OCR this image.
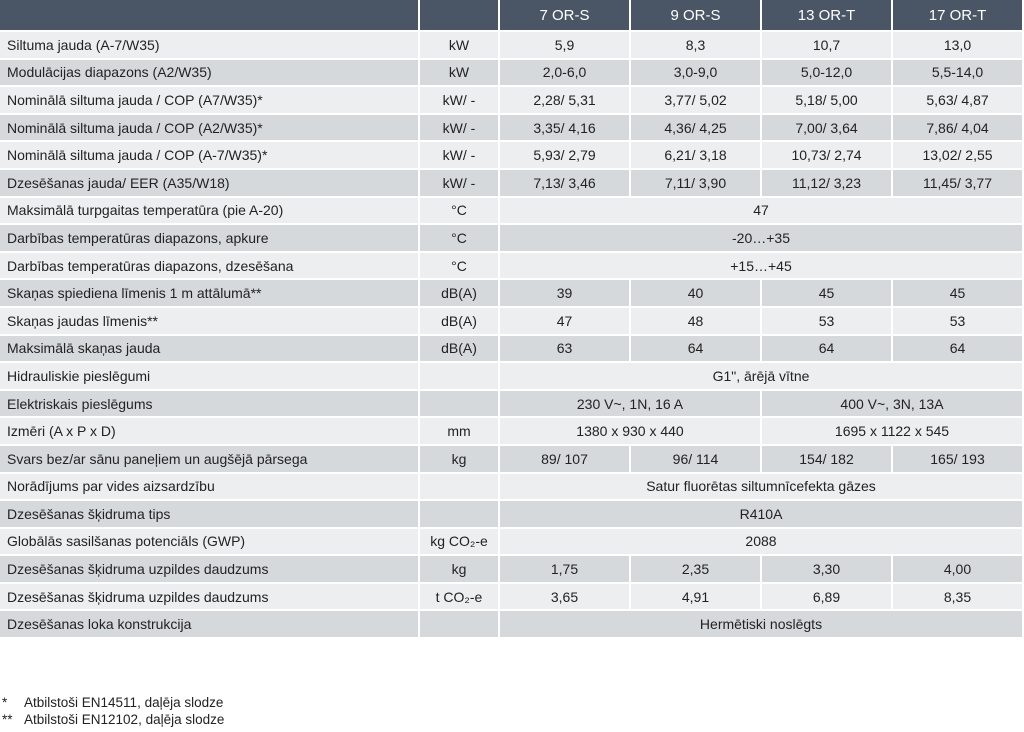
		7 OR-S	9 OR-S	13 OR-T	17 OR-T
Siltuma jauda (A-7/W35)	kW	5,9	8,3	10,7	13,0
Modulācijas diapazons (A2/W35)	kW	2,0-6,0	3,0-9,0	5,0-12,0	5,5-14,0
Nominālā siltuma jauda / COP (A7/W35)*	kW/ -	2,28/ 5,31	3,77/ 5,02	5,18/ 5,00	5,63/ 4,87
Nominālā siltuma jauda / COP (A2/W35)*	kW/ -	3,35/ 4,16	4,36/ 4,25	7,00/ 3,64	7,86/ 4,04
Nominālā siltuma jauda / COP (A-7/W35)*	kW/ -	5,93/ 2,79	6,21/ 3,18	10,73/ 2,74	13,02/ 2,55
Dzesēšanas jauda/ EER (A35/W18)	kW/ -	7,13/ 3,46	7,11/ 3,90	11,12/ 3,23	11,45/ 3,77
Maksimālā turpgaitas temperatūra (pie A-20)	°C	47			
Darbības temperatūras diapazons, apkure	°C	-20…+35			
Darbības temperatūras diapazons, dzesēšana	°C	+15…+45			
Skaņas spiediena līmenis 1 m attālumā**	dB(A)	39	40	45	45
Skaņas jaudas līmenis**	dB(A)	47	48	53	53
Maksimālā skaņas jauda	dB(A)	63	64	64	64
Hidrauliskie pieslēgumi		G1", ārējā vītne			
Elektriskais pieslēgums		230 V~, 1N, 16 A		400 V~, 3N, 13A	
Izmēri (A x P x D)	mm	1380 x 930 x 440		1695 x 1122 x 545	
Svars bez/ar sānu paneļiem un augšējā pārsega	kg	89/ 107	96/ 114	154/ 182	165/ 193
Norādījums par vides aizsardzību		Satur fluorētas siltumnīcefekta gāzes			
Dzesēšanas šķidruma tips		R410A			
Globālās sasilšanas potenciāls (GWP)	kg CO₂-e	2088			
Dzesēšanas šķidruma uzpildes daudzums	kg	1,75	2,35	3,30	4,00
Dzesēšanas šķidruma uzpildes daudzums	t CO₂-e	3,65	4,91	6,89	8,35
Dzesēšanas loka konstrukcija		Hermētiski noslēgts			
* Atbilstoši EN14511, daļēja slodze
** Atbilstoši EN12102, daļēja slodze
